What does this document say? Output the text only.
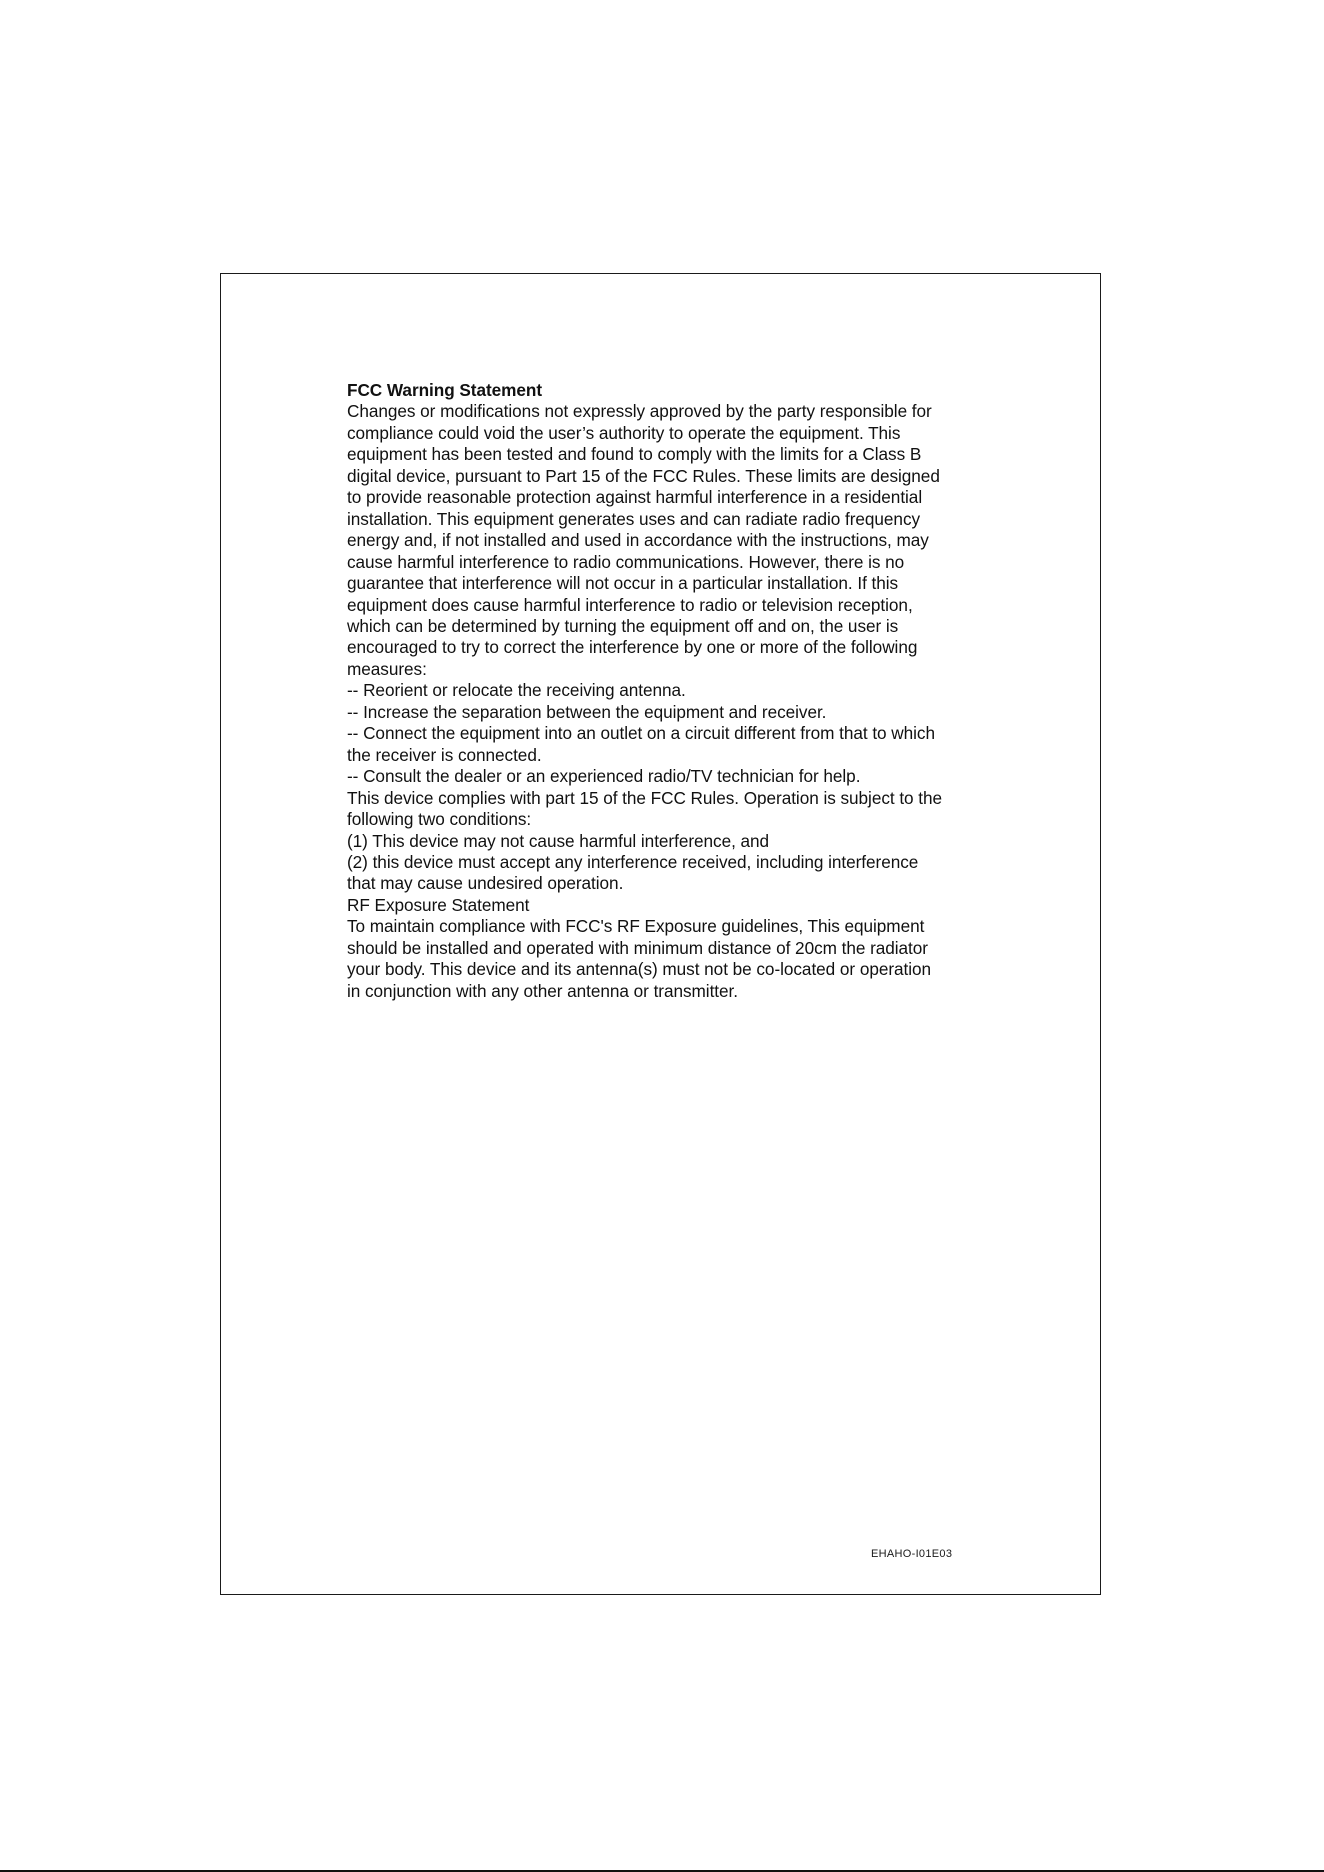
FCC Warning Statement
Changes or modifications not expressly approved by the party responsible for
compliance could void the user’s authority to operate the equipment. This
equipment has been tested and found to comply with the limits for a Class B
digital device, pursuant to Part 15 of the FCC Rules. These limits are designed
to provide reasonable protection against harmful interference in a residential
installation. This equipment generates uses and can radiate radio frequency
energy and, if not installed and used in accordance with the instructions, may
cause harmful interference to radio communications. However, there is no
guarantee that interference will not occur in a particular installation. If this
equipment does cause harmful interference to radio or television reception,
which can be determined by turning the equipment off and on, the user is
encouraged to try to correct the interference by one or more of the following
measures:
-- Reorient or relocate the receiving antenna.
-- Increase the separation between the equipment and receiver.
-- Connect the equipment into an outlet on a circuit different from that to which
the receiver is connected.
-- Consult the dealer or an experienced radio/TV technician for help.
This device complies with part 15 of the FCC Rules. Operation is subject to the
following two conditions:
(1) This device may not cause harmful interference, and
(2) this device must accept any interference received, including interference
that may cause undesired operation.
RF Exposure Statement
To maintain compliance with FCC's RF Exposure guidelines, This equipment
should be installed and operated with minimum distance of 20cm the radiator
your body. This device and its antenna(s) must not be co-located or operation
in conjunction with any other antenna or transmitter.
EHAHO-I01E03
